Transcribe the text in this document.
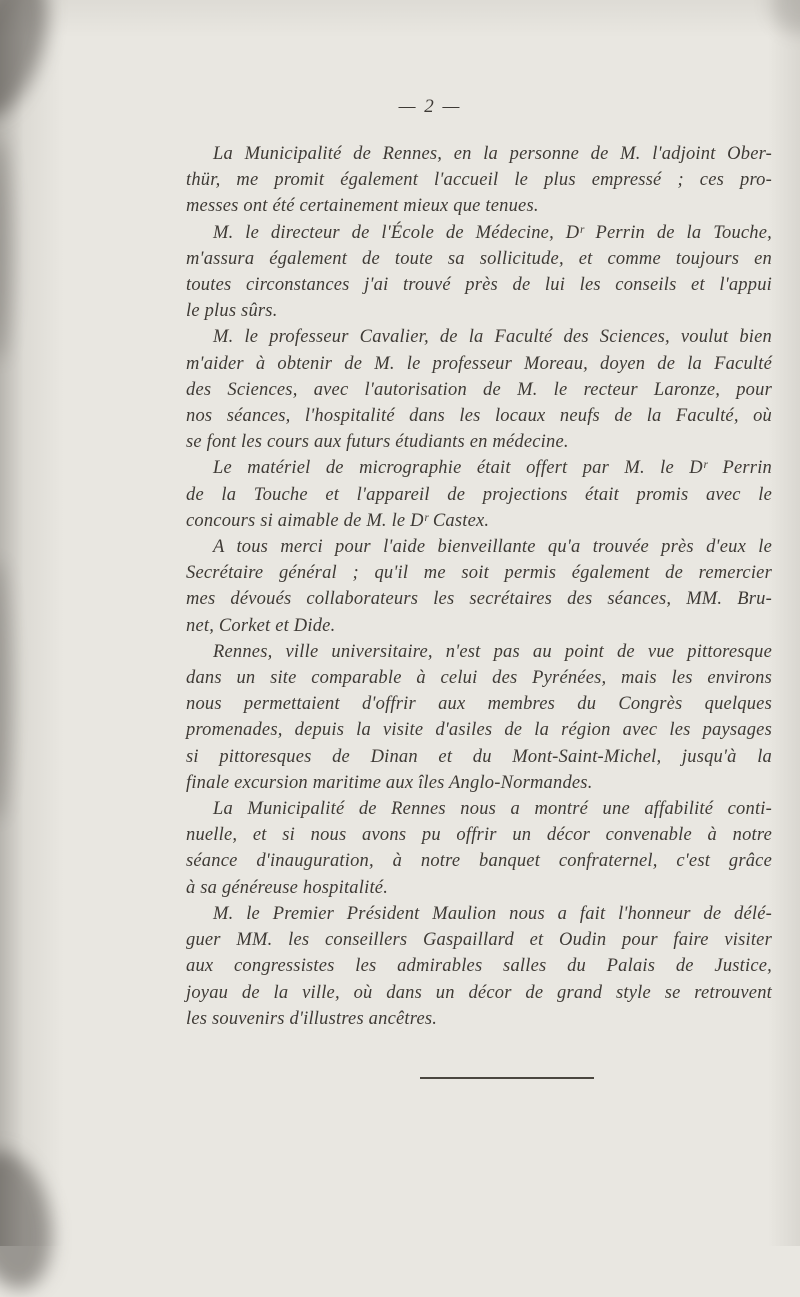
— 2 —
La Municipalité de Rennes, en la personne de M. l'adjoint Ober-
thür, me promit également l'accueil le plus empressé ; ces pro-
messes ont été certainement mieux que tenues.
M. le directeur de l'École de Médecine, Dʳ Perrin de la Touche,
m'assura également de toute sa sollicitude, et comme toujours en
toutes circonstances j'ai trouvé près de lui les conseils et l'appui
le plus sûrs.
M. le professeur Cavalier, de la Faculté des Sciences, voulut bien
m'aider à obtenir de M. le professeur Moreau, doyen de la Faculté
des Sciences, avec l'autorisation de M. le recteur Laronze, pour
nos séances, l'hospitalité dans les locaux neufs de la Faculté, où
se font les cours aux futurs étudiants en médecine.
Le matériel de micrographie était offert par M. le Dʳ Perrin
de la Touche et l'appareil de projections était promis avec le
concours si aimable de M. le Dʳ Castex.
A tous merci pour l'aide bienveillante qu'a trouvée près d'eux le
Secrétaire général ; qu'il me soit permis également de remercier
mes dévoués collaborateurs les secrétaires des séances, MM. Bru-
net, Corket et Dide.
Rennes, ville universitaire, n'est pas au point de vue pittoresque
dans un site comparable à celui des Pyrénées, mais les environs
nous permettaient d'offrir aux membres du Congrès quelques
promenades, depuis la visite d'asiles de la région avec les paysages
si pittoresques de Dinan et du Mont-Saint-Michel, jusqu'à la
finale excursion maritime aux îles Anglo-Normandes.
La Municipalité de Rennes nous a montré une affabilité conti-
nuelle, et si nous avons pu offrir un décor convenable à notre
séance d'inauguration, à notre banquet confraternel, c'est grâce
à sa généreuse hospitalité.
M. le Premier Président Maulion nous a fait l'honneur de délé-
guer MM. les conseillers Gaspaillard et Oudin pour faire visiter
aux congressistes les admirables salles du Palais de Justice,
joyau de la ville, où dans un décor de grand style se retrouvent
les souvenirs d'illustres ancêtres.
